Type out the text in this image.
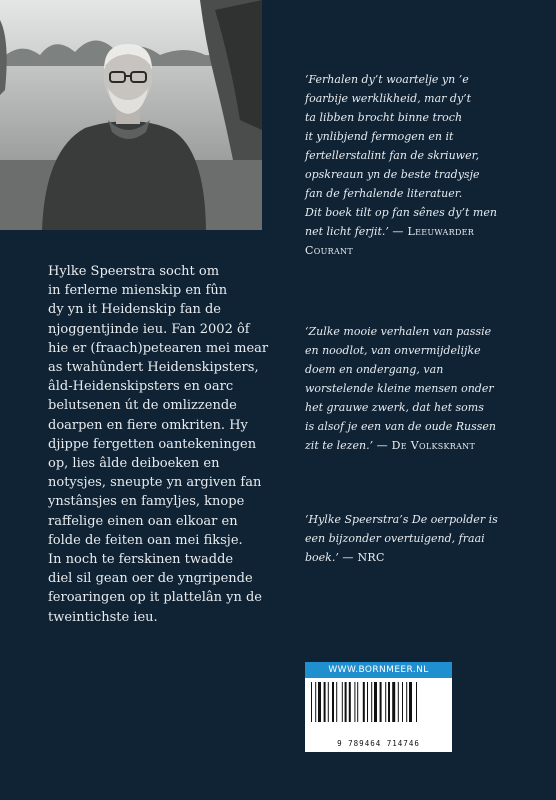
Hylke Speerstra socht om
in ferlerne mienskip en fûn
dy yn it Heidenskip fan de
njoggentjinde ieu. Fan 2002 ôf
hie er (fraach)petearen mei mear
as twahûndert Heidenskipsters,
âld-Heidenskipsters en oarc
belutsenen út de omlizzende
doarpen en fiere omkriten. Hy
djippe fergetten oantekeningen
op, lies âlde deiboeken en
notysjes, sneupte yn argiven fan
ynstânsjes en famyljes, knope
raffelige einen oan elkoar en
folde de feiten oan mei fiksje.
In noch te ferskinen twadde
diel sil gean oer de yngripende
feroaringen op it plattelân yn de
tweintichste ieu.
‘Ferhalen dy’t woartelje yn ’e
foarbije werklikheid, mar dy’t
ta libben brocht binne troch
it ynlibjend fermogen en it
fertellerstalint fan de skriuwer,
opskreaun yn de beste tradysje
fan de ferhalende literatuer.
Dit boek tilt op fan sênes dy’t men
net licht ferjit.’ — Leeuwarder
Courant
‘Zulke mooie verhalen van passie
en noodlot, van onvermijdelijke
doem en ondergang, van
worstelende kleine mensen onder
het grauwe zwerk, dat het soms
is alsof je een van de oude Russen
zit te lezen.’ — De Volkskrant
‘Hylke Speerstra’s De oerpolder is
een bijzonder overtuigend, fraai
boek.’ — NRC
WWW.BORNMEER.NL
9 789464 714746
